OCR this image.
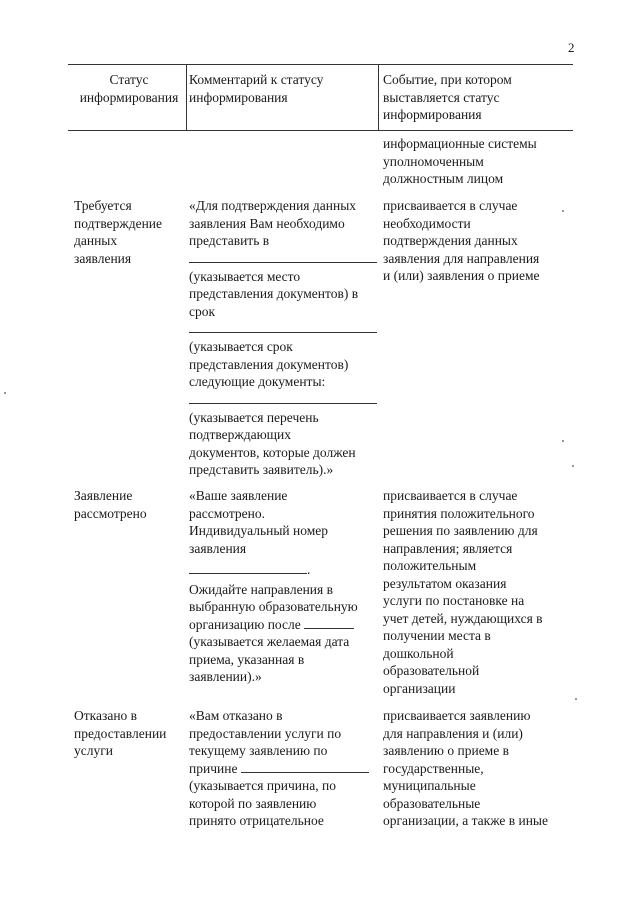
2
Статус информирования
Комментарий к статусу информирования
Событие, при котором выставляется статус информирования
информационные системы
уполномоченным
должностным лицом
Требуется
подтверждение
данных
заявления
«Для подтверждения данных
заявления Вам необходимо
представить в
(указывается место
представления документов) в
срок
(указывается срок
представления документов)
следующие документы:
(указывается перечень
подтверждающих
документов, которые должен
представить заявитель).»
присваивается в случае
необходимости
подтверждения данных
заявления для направления
и (или) заявления о приеме
Заявление
рассмотрено
«Ваше заявление
рассмотрено.
Индивидуальный номер
заявления
.
Ожидайте направления в
выбранную образовательную
организацию после
(указывается желаемая дата
приема, указанная в
заявлении).»
присваивается в случае
принятия положительного
решения по заявлению для
направления; является
положительным
результатом оказания
услуги по постановке на
учет детей, нуждающихся в
получении места в
дошкольной
образовательной
организации
Отказано в
предоставлении
услуги
«Вам отказано в
предоставлении услуги по
текущему заявлению по
причине
(указывается причина, по
которой по заявлению
принято отрицательное
присваивается заявлению
для направления и (или)
заявлению о приеме в
государственные,
муниципальные
образовательные
организации, а также в иные
